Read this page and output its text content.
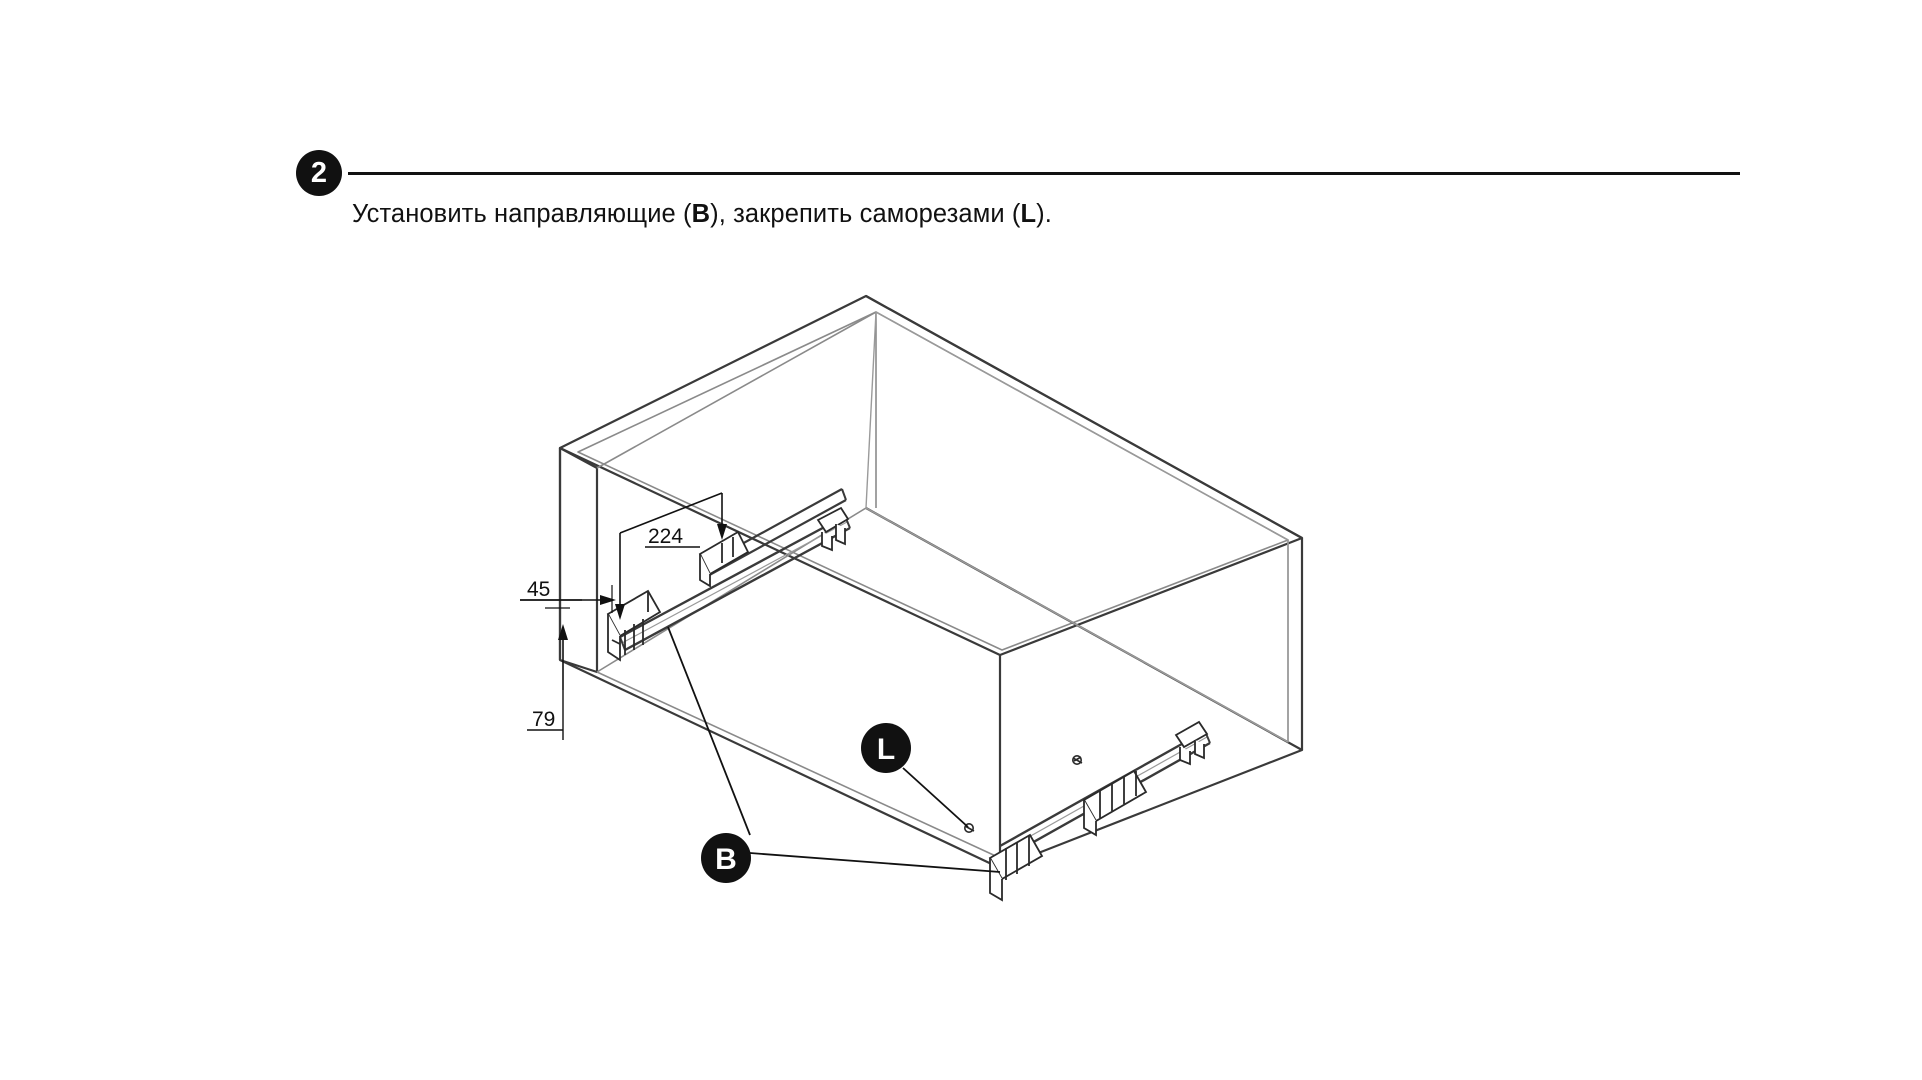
2
Установить направляющие (B), закрепить саморезами (L).
224
45
79
L
B
